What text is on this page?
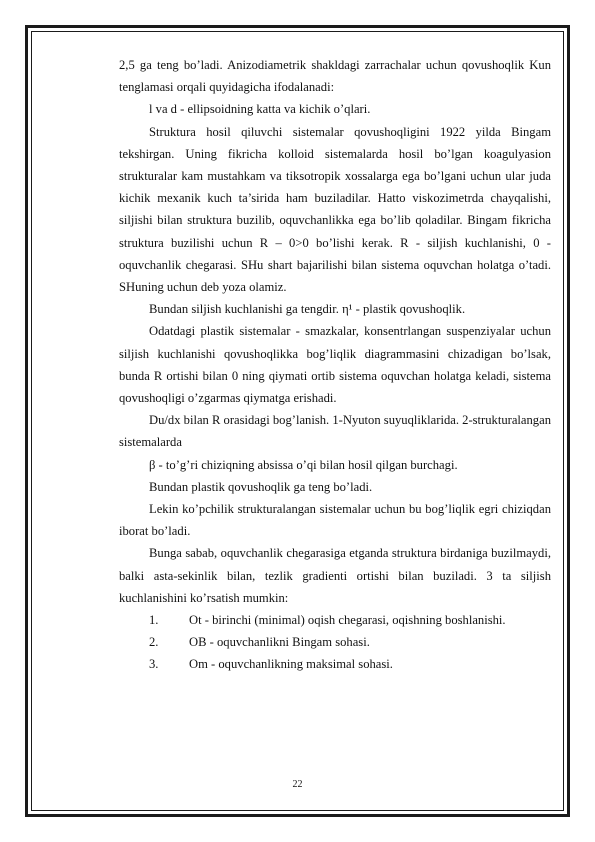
2,5 ga teng bo’ladi. Anizodiametrik shakldagi zarrachalar uchun qovushoqlik Kun tenglamasi orqali quyidagicha ifodalanadi:

l va d - ellipsoidning katta va kichik o’qlari.

Struktura hosil qiluvchi sistemalar qovushoqligini 1922 yilda Bingam tekshirgan. Uning fikricha kolloid sistemalarda hosil bo’lgan koagulyasion strukturalar kam mustahkam va tiksotropik xossalarga ega bo’lgani uchun ular juda kichik mexanik kuch ta’sirida ham buziladilar. Hatto viskozimetrda chayqalishi, siljishi bilan struktura buzilib, oquvchanlikka ega bo’lib qoladilar. Bingam fikricha struktura buzilishi uchun R – 0>0 bo’lishi kerak. R - siljish kuchlanishi, 0 - oquvchanlik chegarasi. SHu shart bajarilishi bilan sistema oquvchan holatga o’tadi. SHuning uchun deb yoza olamiz.

Bundan siljish kuchlanishi ga tengdir. η¹ - plastik qovushoqlik.

Odatdagi plastik sistemalar - smazkalar, konsentrlangan suspenziyalar uchun siljish kuchlanishi qovushoqlikka bog’liqlik diagrammasini chizadigan bo’lsak, bunda R ortishi bilan 0 ning qiymati ortib sistema oquvchan holatga keladi, sistema qovushoqligi o’zgarmas qiymatga erishadi.

Du/dx bilan R orasidagi bog’lanish. 1-Nyuton suyuqliklarida. 2-strukturalangan sistemalarda

β - to’g’ri chiziqning absissa o’qi bilan hosil qilgan burchagi.

Bundan plastik qovushoqlik ga teng bo’ladi.

Lekin ko’pchilik strukturalangan sistemalar uchun bu bog’liqlik egri chiziqdan iborat bo’ladi.

Bunga sabab, oquvchanlik chegarasiga etganda struktura birdaniga buzilmaydi, balki asta-sekinlik bilan, tezlik gradienti ortishi bilan buziladi. 3 ta siljish kuchlanishini ko’rsatish mumkin:

1.	Ot - birinchi (minimal) oqish chegarasi, oqishning boshlanishi.
2.	OB - oquvchanlikni Bingam sohasi.
3.	Om - oquvchanlikning maksimal sohasi.
22
